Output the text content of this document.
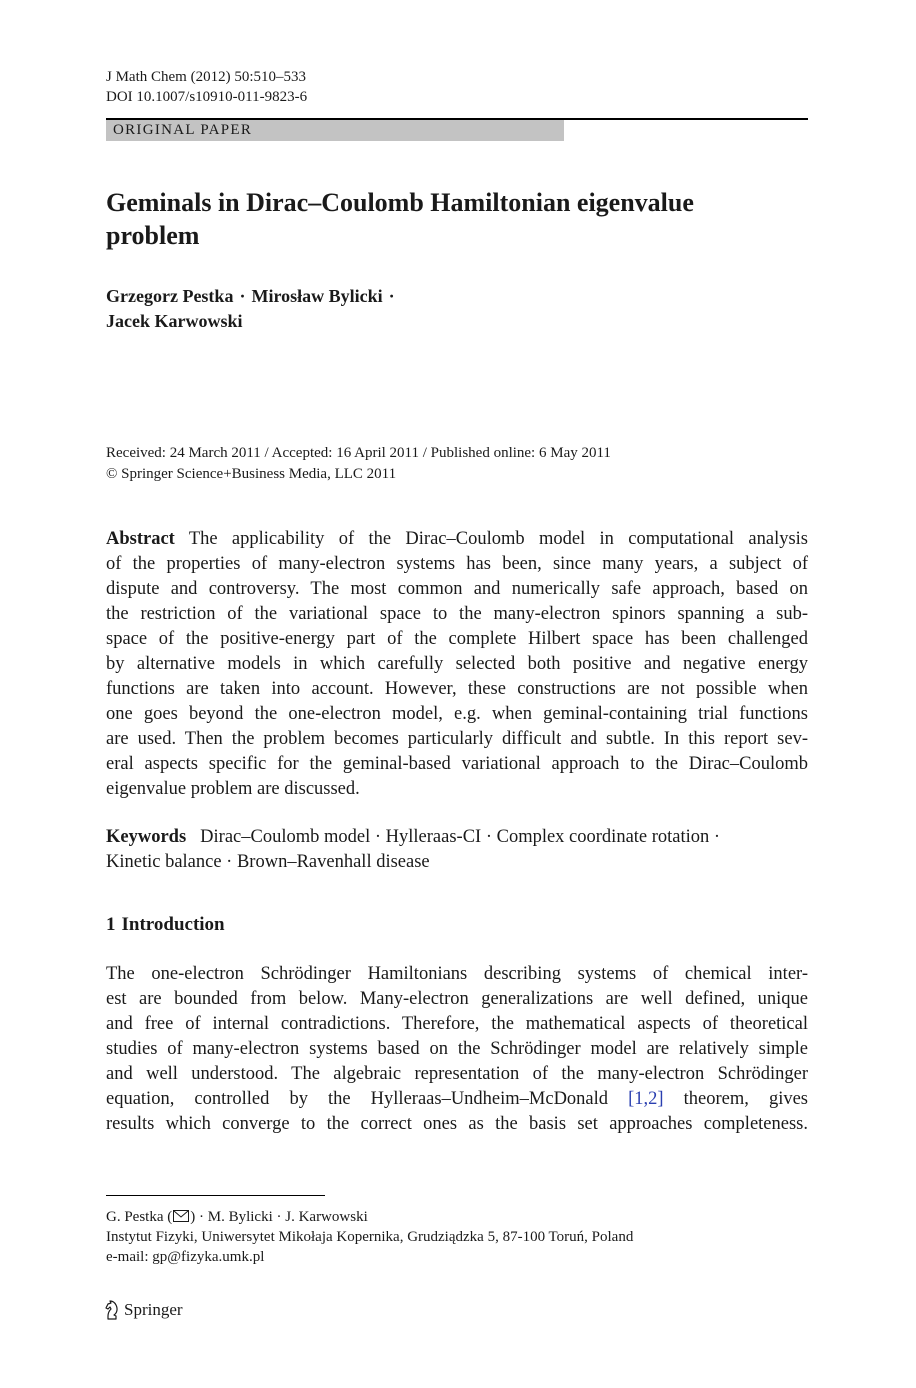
J Math Chem (2012) 50:510–533
DOI 10.1007/s10910-011-9823-6
ORIGINAL PAPER
Geminals in Dirac–Coulomb Hamiltonian eigenvalue
problem
Grzegorz Pestka · Mirosław Bylicki ·
Jacek Karwowski
Received: 24 March 2011 / Accepted: 16 April 2011 / Published online: 6 May 2011
© Springer Science+Business Media, LLC 2011
Abstract The applicability of the Dirac–Coulomb model in computational analysis
of the properties of many-electron systems has been, since many years, a subject of
dispute and controversy. The most common and numerically safe approach, based on
the restriction of the variational space to the many-electron spinors spanning a sub-
space of the positive-energy part of the complete Hilbert space has been challenged
by alternative models in which carefully selected both positive and negative energy
functions are taken into account. However, these constructions are not possible when
one goes beyond the one-electron model, e.g. when geminal-containing trial functions
are used. Then the problem becomes particularly difficult and subtle. In this report sev-
eral aspects specific for the geminal-based variational approach to the Dirac–Coulomb
eigenvalue problem are discussed.
Keywords Dirac–Coulomb model · Hylleraas-CI · Complex coordinate rotation ·
Kinetic balance · Brown–Ravenhall disease
1 Introduction
The one-electron Schrödinger Hamiltonians describing systems of chemical inter-
est are bounded from below. Many-electron generalizations are well defined, unique
and free of internal contradictions. Therefore, the mathematical aspects of theoretical
studies of many-electron systems based on the Schrödinger model are relatively simple
and well understood. The algebraic representation of the many-electron Schrödinger
equation, controlled by the Hylleraas–Undheim–McDonald [1,2] theorem, gives
results which converge to the correct ones as the basis set approaches completeness.
G. Pestka ( ) · M. Bylicki · J. Karwowski
Instytut Fizyki, Uniwersytet Mikołaja Kopernika, Grudziądzka 5, 87-100 Toruń, Poland
e-mail: gp@fizyka.umk.pl
Springer
